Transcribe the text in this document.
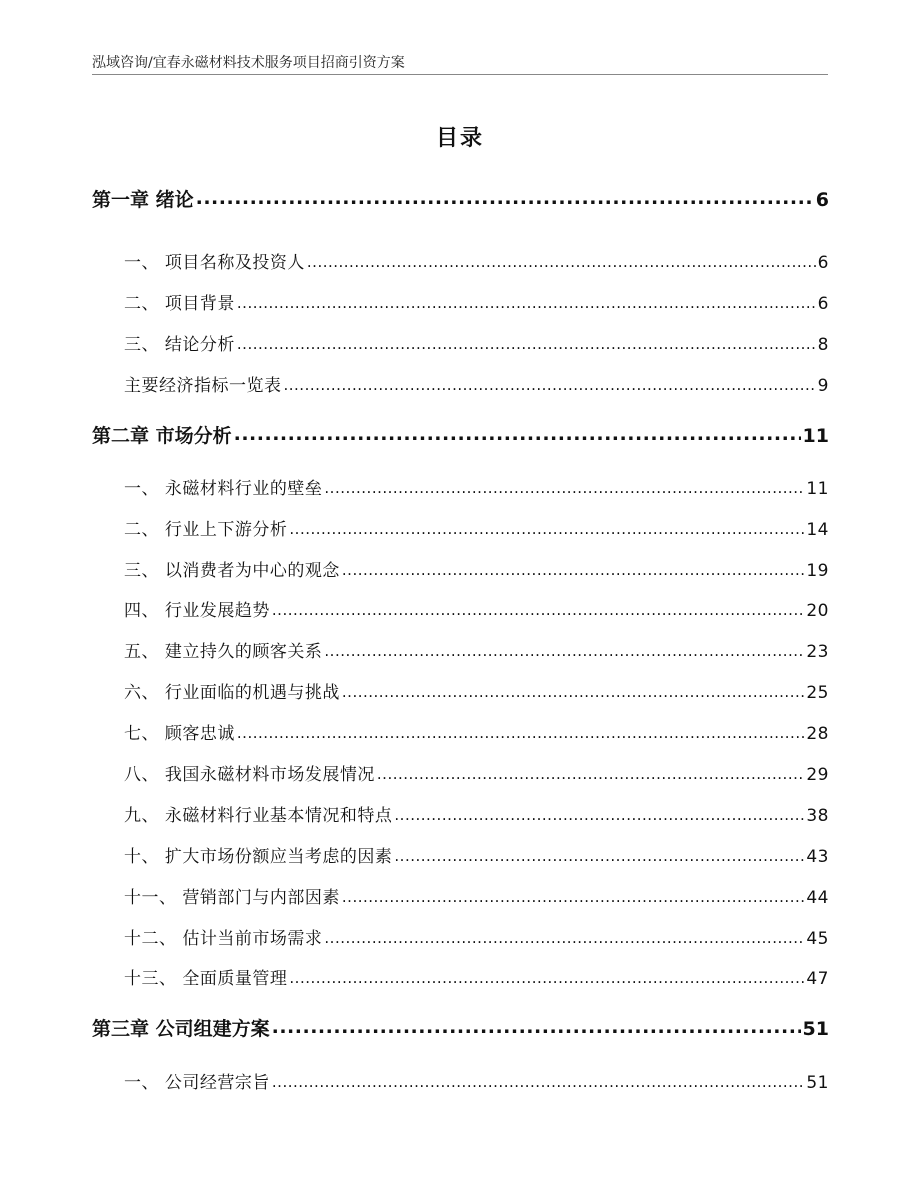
泓域咨询/宜春永磁材料技术服务项目招商引资方案
目录
第一章 绪论 .....	6
一、 项目名称及投资人 .....	6
二、 项目背景 .....	6
三、 结论分析 .....	8
主要经济指标一览表 .....	9
第二章 市场分析 .....	11
一、 永磁材料行业的壁垒 .....	11
二、 行业上下游分析 .....	14
三、 以消费者为中心的观念 .....	19
四、 行业发展趋势 .....	20
五、 建立持久的顾客关系 .....	23
六、 行业面临的机遇与挑战 .....	25
七、 顾客忠诚 .....	28
八、 我国永磁材料市场发展情况 .....	29
九、 永磁材料行业基本情况和特点 .....	38
十、 扩大市场份额应当考虑的因素 .....	43
十一、 营销部门与内部因素 .....	44
十二、 估计当前市场需求 .....	45
十三、 全面质量管理 .....	47
第三章 公司组建方案 .....	51
一、 公司经营宗旨 .....	51
